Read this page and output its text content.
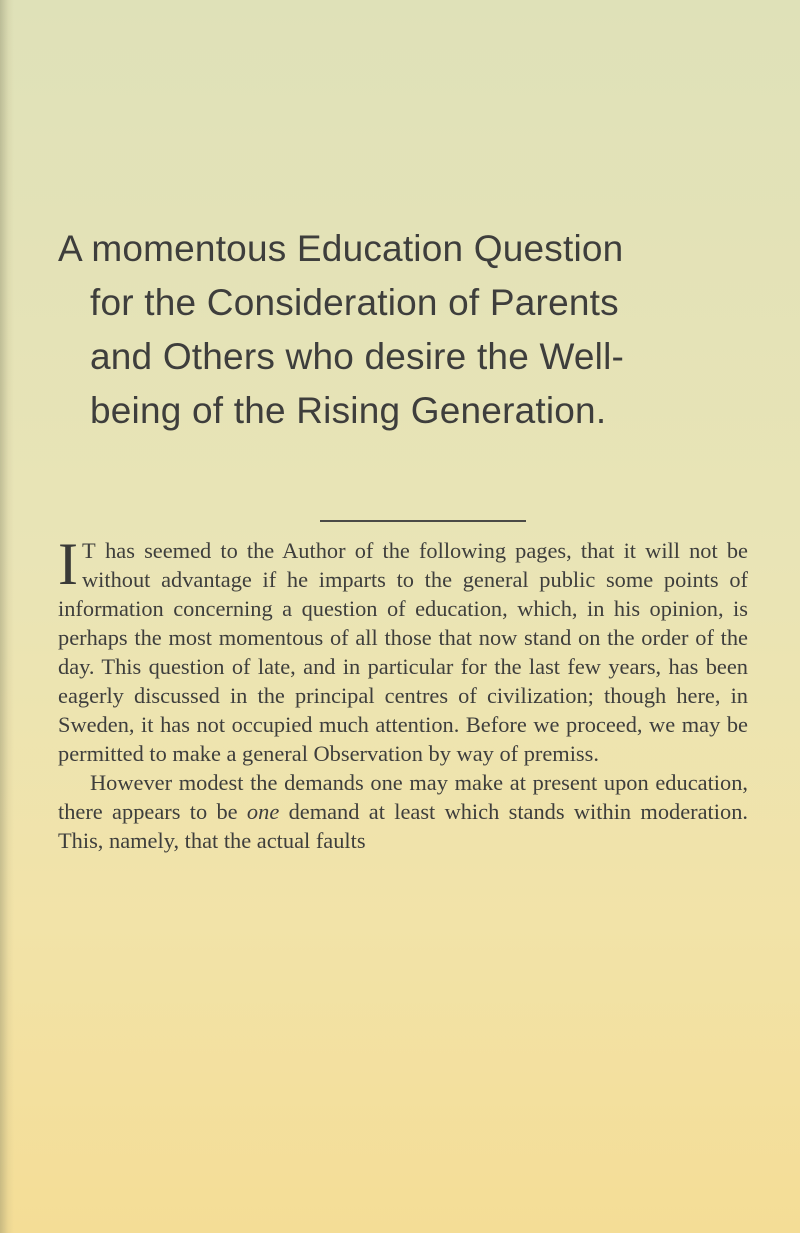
A momentous Education Question
for the Consideration of Parents
and Others who desire the Well-
being of the Rising Generation.

I T has seemed to the Author of the following pages, that it will not be without advantage if he imparts to the general public some points of information concerning a question of education, which, in his opinion, is perhaps the most momentous of all those that now stand on the order of the day. This question of late, and in particular for the last few years, has been eagerly discussed in the principal centres of civilization; though here, in Sweden, it has not occupied much attention. Before we proceed, we may be permitted to make a general Observation by way of premiss.

However modest the demands one may make at present upon education, there appears to be one demand at least which stands within moderation. This, namely, that the actual faults
